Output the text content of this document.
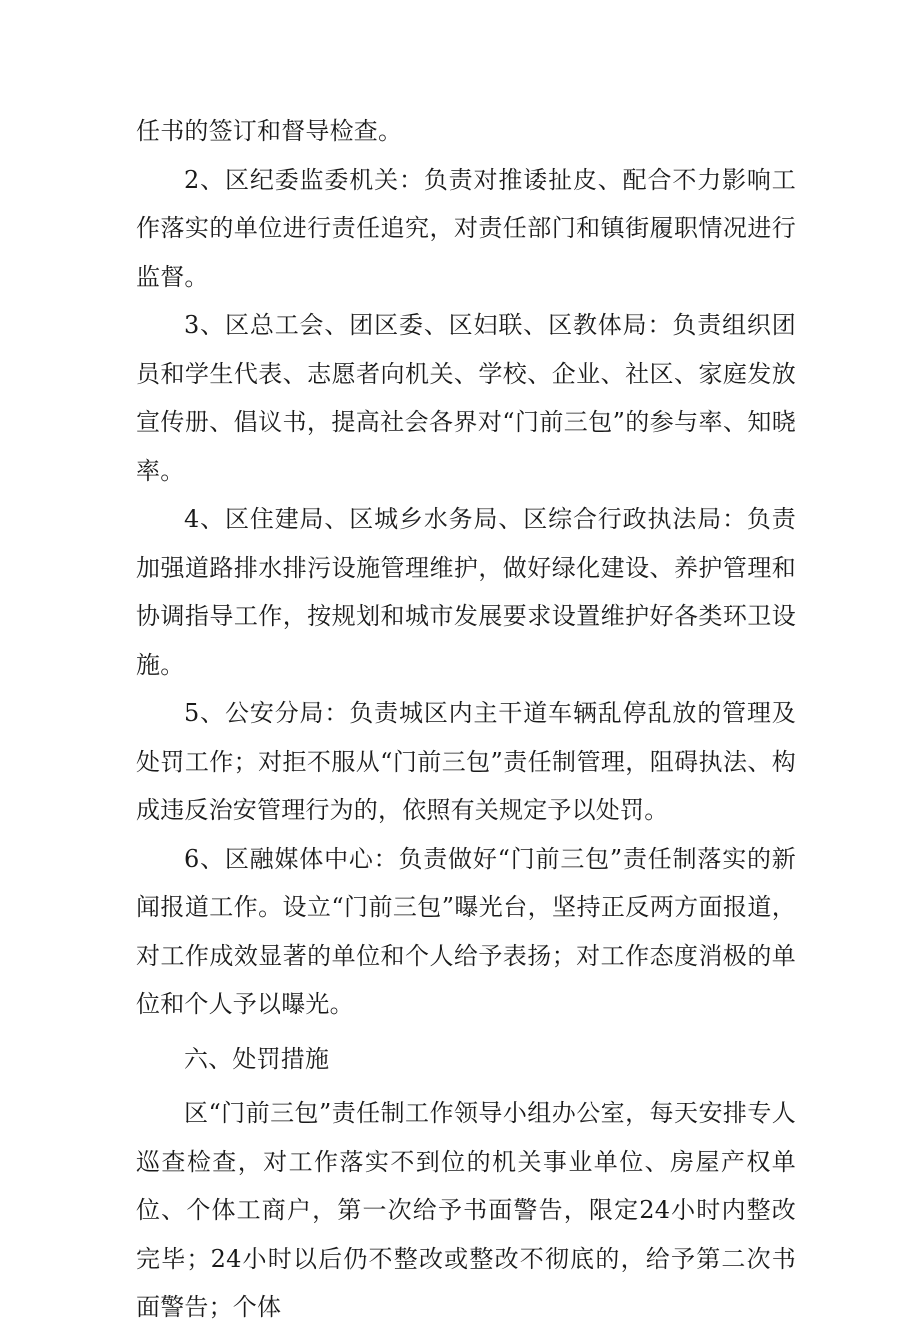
任书的签订和督导检查。

2、区纪委监委机关：负责对推诿扯皮、配合不力影响工作落实的单位进行责任追究，对责任部门和镇街履职情况进行监督。

3、区总工会、团区委、区妇联、区教体局：负责组织团员和学生代表、志愿者向机关、学校、企业、社区、家庭发放宣传册、倡议书，提高社会各界对“门前三包”的参与率、知晓率。

4、区住建局、区城乡水务局、区综合行政执法局：负责加强道路排水排污设施管理维护，做好绿化建设、养护管理和协调指导工作，按规划和城市发展要求设置维护好各类环卫设施。

5、公安分局：负责城区内主干道车辆乱停乱放的管理及处罚工作；对拒不服从“门前三包”责任制管理，阻碍执法、构成违反治安管理行为的，依照有关规定予以处罚。

6、区融媒体中心：负责做好“门前三包”责任制落实的新闻报道工作。设立“门前三包”曝光台，坚持正反两方面报道，对工作成效显著的单位和个人给予表扬；对工作态度消极的单位和个人予以曝光。

六、处罚措施

区“门前三包”责任制工作领导小组办公室，每天安排专人巡查检查，对工作落实不到位的机关事业单位、房屋产权单位、个体工商户，第一次给予书面警告，限定24小时内整改完毕；24小时以后仍不整改或整改不彻底的，给予第二次书面警告；个体
